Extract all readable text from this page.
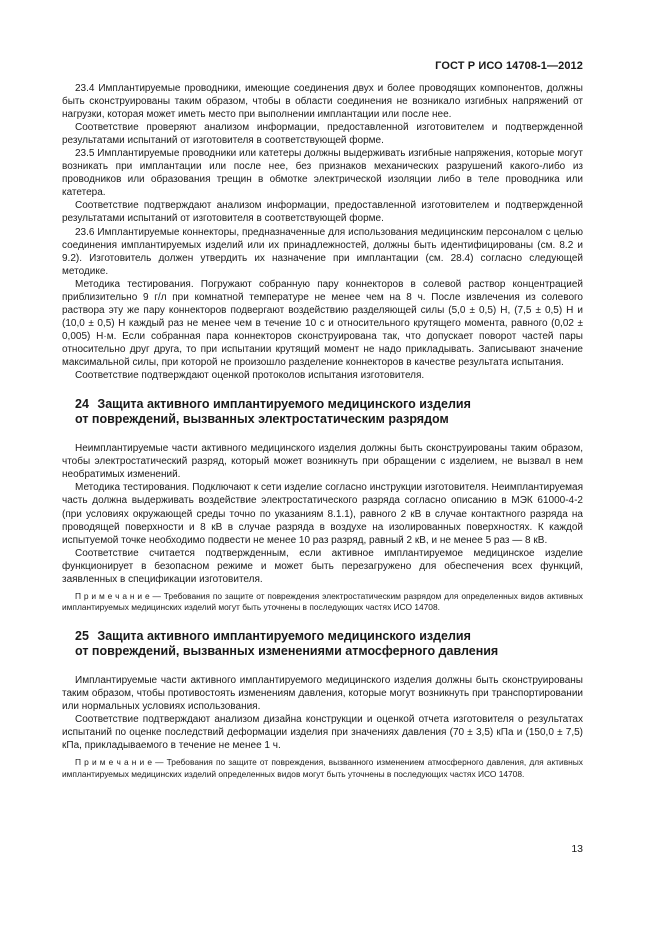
ГОСТ Р ИСО 14708-1—2012

23.4 Имплантируемые проводники, имеющие соединения двух и более проводящих компонентов, должны быть сконструированы таким образом, чтобы в области соединения не возникало изгибных напряжений от нагрузки, которая может иметь место при выполнении имплантации или после нее.

Соответствие проверяют анализом информации, предоставленной изготовителем и подтвержденной результатами испытаний от изготовителя в соответствующей форме.

23.5 Имплантируемые проводники или катетеры должны выдерживать изгибные напряжения, которые могут возникать при имплантации или после нее, без признаков механических разрушений какого-либо из проводников или образования трещин в обмотке электрической изоляции либо в теле проводника или катетера.

Соответствие подтверждают анализом информации, предоставленной изготовителем и подтвержденной результатами испытаний от изготовителя в соответствующей форме.

23.6 Имплантируемые коннекторы, предназначенные для использования медицинским персоналом с целью соединения имплантируемых изделий или их принадлежностей, должны быть идентифицированы (см. 8.2 и 9.2). Изготовитель должен утвердить их назначение при имплантации (см. 28.4) согласно следующей методике.

Методика тестирования. Погружают собранную пару коннекторов в солевой раствор концентрацией приблизительно 9 г/л при комнатной температуре не менее чем на 8 ч. После извлечения из солевого раствора эту же пару коннекторов подвергают воздействию разделяющей силы (5,0 ± 0,5) Н, (7,5 ± 0,5) Н и (10,0 ± 0,5) Н каждый раз не менее чем в течение 10 с и относительного крутящего момента, равного (0,02 ± 0,005) Н·м. Если собранная пара коннекторов сконструирована так, что допускает поворот частей пары относительно друг друга, то при испытании крутящий момент не надо прикладывать. Записывают значение максимальной силы, при которой не произошло разделение коннекторов в качестве результата испытания.

Соответствие подтверждают оценкой протоколов испытания изготовителя.

24 Защита активного имплантируемого медицинского изделия
от повреждений, вызванных электростатическим разрядом

Неимплантируемые части активного медицинского изделия должны быть сконструированы таким образом, чтобы электростатический разряд, который может возникнуть при обращении с изделием, не вызвал в нем необратимых изменений.

Методика тестирования. Подключают к сети изделие согласно инструкции изготовителя. Неимплантируемая часть должна выдерживать воздействие электростатического разряда согласно описанию в МЭК 61000-4-2 (при условиях окружающей среды точно по указаниям 8.1.1), равного 2 кВ в случае контактного разряда на проводящей поверхности и 8 кВ в случае разряда в воздухе на изолированных поверхностях. К каждой испытуемой точке необходимо подвести не менее 10 раз разряд, равный 2 кВ, и не менее 5 раз — 8 кВ.

Соответствие считается подтвержденным, если активное имплантируемое медицинское изделие функционирует в безопасном режиме и может быть перезагружено для обеспечения всех функций, заявленных в спецификации изготовителя.

П р и м е ч а н и е — Требования по защите от повреждения электростатическим разрядом для определенных видов активных имплантируемых медицинских изделий могут быть уточнены в последующих частях ИСО 14708.

25 Защита активного имплантируемого медицинского изделия
от повреждений, вызванных изменениями атмосферного давления

Имплантируемые части активного имплантируемого медицинского изделия должны быть сконструированы таким образом, чтобы противостоять изменениям давления, которые могут возникнуть при транспортировании или нормальных условиях использования.

Соответствие подтверждают анализом дизайна конструкции и оценкой отчета изготовителя о результатах испытаний по оценке последствий деформации изделия при значениях давления (70 ± 3,5) кПа и (150,0 ± 7,5) кПа, прикладываемого в течение не менее 1 ч.

П р и м е ч а н и е — Требования по защите от повреждения, вызванного изменением атмосферного давления, для активных имплантируемых медицинских изделий определенных видов могут быть уточнены в последующих частях ИСО 14708.

13
